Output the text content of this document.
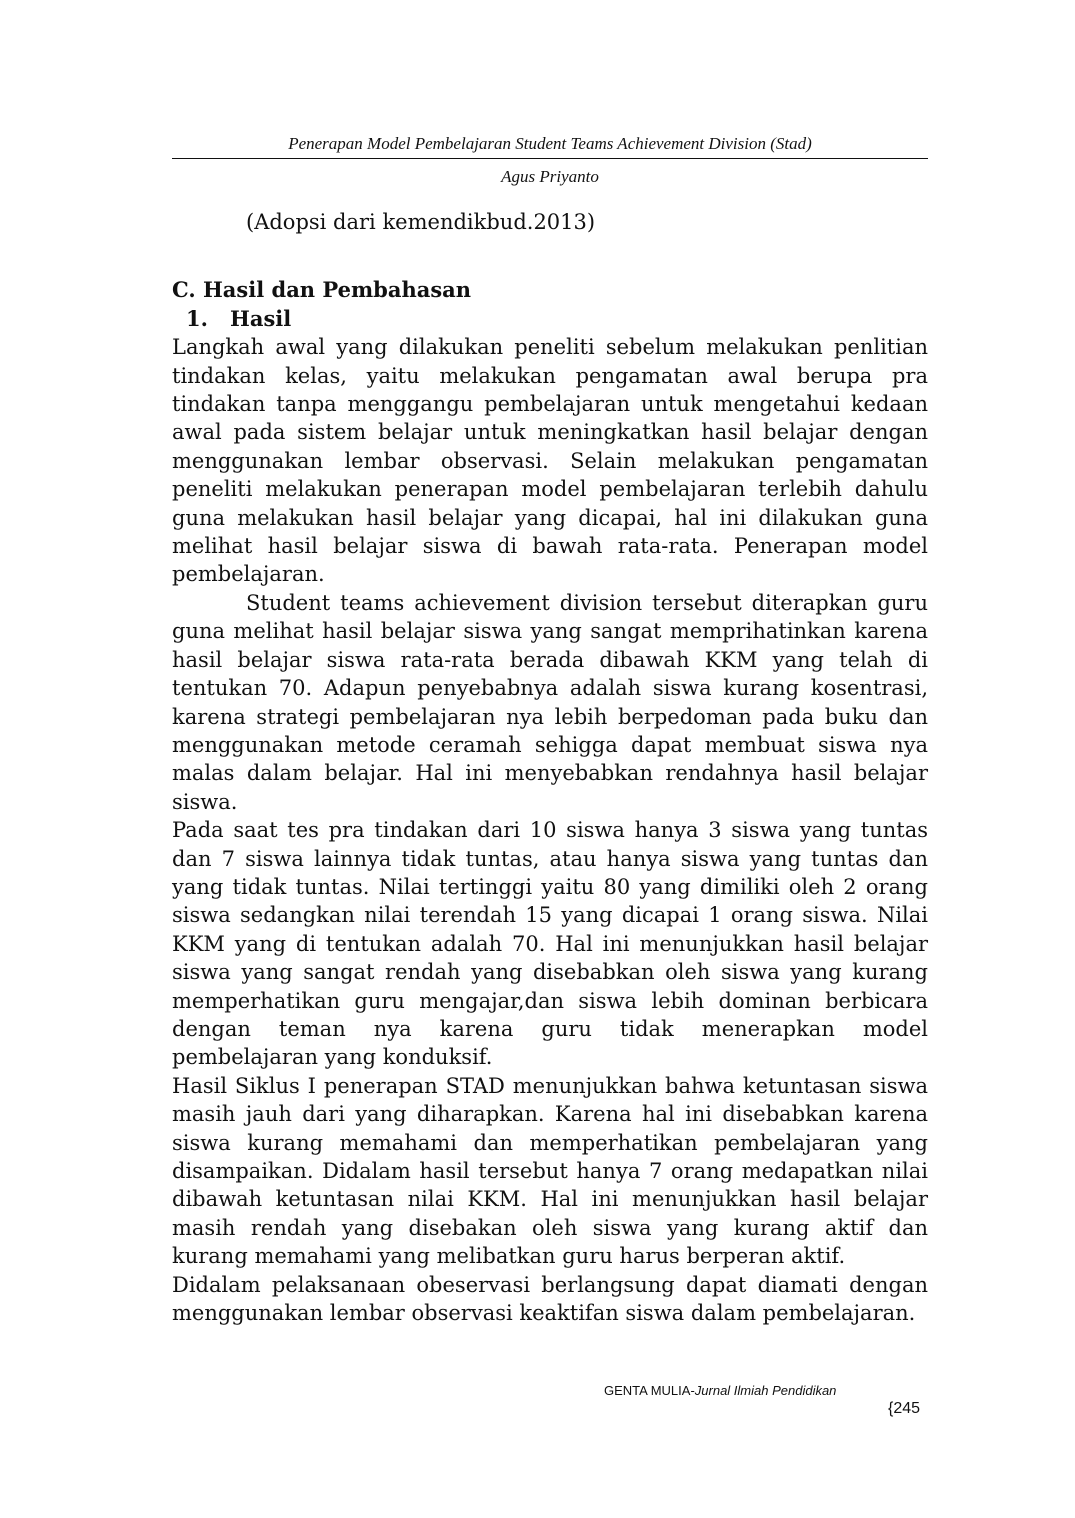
Penerapan Model Pembelajaran Student Teams Achievement Division (Stad)
Agus Priyanto

(Adopsi dari kemendikbud.2013)

C. Hasil dan Pembahasan

1. Hasil

Langkah awal yang dilakukan peneliti sebelum melakukan penlitian tindakan kelas, yaitu melakukan pengamatan awal berupa pra tindakan tanpa menggangu pembelajaran untuk mengetahui kedaan awal pada sistem belajar untuk meningkatkan hasil belajar dengan menggunakan lembar observasi. Selain melakukan pengamatan peneliti melakukan penerapan model pembelajaran terlebih dahulu guna melakukan hasil belajar yang dicapai, hal ini dilakukan guna melihat hasil belajar siswa di bawah rata-rata. Penerapan model pembelajaran.

Student teams achievement division tersebut diterapkan guru guna melihat hasil belajar siswa yang sangat memprihatinkan karena hasil belajar siswa rata-rata berada dibawah KKM yang telah di tentukan 70. Adapun penyebabnya adalah siswa kurang kosentrasi, karena strategi pembelajaran nya lebih berpedoman pada buku dan menggunakan metode ceramah sehigga dapat membuat siswa nya malas dalam belajar. Hal ini menyebabkan rendahnya hasil belajar siswa.

Pada saat tes pra tindakan dari 10 siswa hanya 3 siswa yang tuntas dan 7 siswa lainnya tidak tuntas, atau hanya siswa yang tuntas dan yang tidak tuntas. Nilai tertinggi yaitu 80 yang dimiliki oleh 2 orang siswa sedangkan nilai terendah 15 yang dicapai 1 orang siswa. Nilai KKM yang di tentukan adalah 70. Hal ini menunjukkan hasil belajar siswa yang sangat rendah yang disebabkan oleh siswa yang kurang memperhatikan guru mengajar,dan siswa lebih dominan berbicara dengan teman nya karena guru tidak menerapkan model pembelajaran yang konduksif.

Hasil Siklus I penerapan STAD menunjukkan bahwa ketuntasan siswa masih jauh dari yang diharapkan. Karena hal ini disebabkan karena siswa kurang memahami dan memperhatikan pembelajaran yang disampaikan. Didalam hasil tersebut hanya 7 orang medapatkan nilai dibawah ketuntasan nilai KKM. Hal ini menunjukkan hasil belajar masih rendah yang disebakan oleh siswa yang kurang aktif dan kurang memahami yang melibatkan guru harus berperan aktif.

Didalam pelaksanaan obeservasi berlangsung dapat diamati dengan menggunakan lembar observasi keaktifan siswa dalam pembelajaran.

GENTA MULIA-Jurnal Ilmiah Pendidikan
{245
